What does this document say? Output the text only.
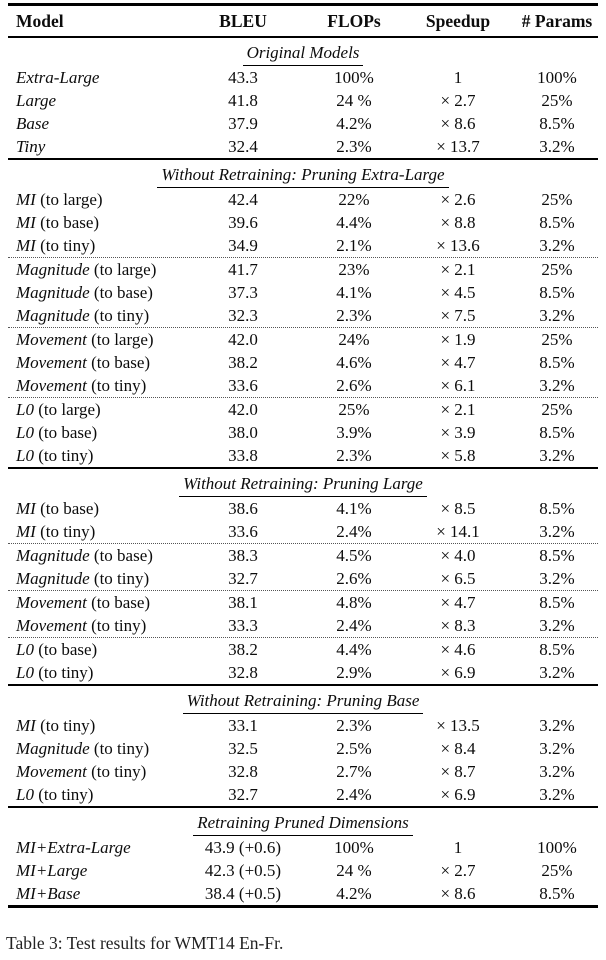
Model	BLEU	FLOPs	Speedup	# Params
Original Models
Extra-Large	43.3	100%	1	100%
Large	41.8	24 %	× 2.7	25%
Base	37.9	4.2%	× 8.6	8.5%
Tiny	32.4	2.3%	× 13.7	3.2%
Without Retraining: Pruning Extra-Large
MI (to large)	42.4	22%	× 2.6	25%
MI (to base)	39.6	4.4%	× 8.8	8.5%
MI (to tiny)	34.9	2.1%	× 13.6	3.2%
Magnitude (to large)	41.7	23%	× 2.1	25%
Magnitude (to base)	37.3	4.1%	× 4.5	8.5%
Magnitude (to tiny)	32.3	2.3%	× 7.5	3.2%
Movement (to large)	42.0	24%	× 1.9	25%
Movement (to base)	38.2	4.6%	× 4.7	8.5%
Movement (to tiny)	33.6	2.6%	× 6.1	3.2%
L0 (to large)	42.0	25%	× 2.1	25%
L0 (to base)	38.0	3.9%	× 3.9	8.5%
L0 (to tiny)	33.8	2.3%	× 5.8	3.2%
Without Retraining: Pruning Large
MI (to base)	38.6	4.1%	× 8.5	8.5%
MI (to tiny)	33.6	2.4%	× 14.1	3.2%
Magnitude (to base)	38.3	4.5%	× 4.0	8.5%
Magnitude (to tiny)	32.7	2.6%	× 6.5	3.2%
Movement (to base)	38.1	4.8%	× 4.7	8.5%
Movement (to tiny)	33.3	2.4%	× 8.3	3.2%
L0 (to base)	38.2	4.4%	× 4.6	8.5%
L0 (to tiny)	32.8	2.9%	× 6.9	3.2%
Without Retraining: Pruning Base
MI (to tiny)	33.1	2.3%	× 13.5	3.2%
Magnitude (to tiny)	32.5	2.5%	× 8.4	3.2%
Movement (to tiny)	32.8	2.7%	× 8.7	3.2%
L0 (to tiny)	32.7	2.4%	× 6.9	3.2%
Retraining Pruned Dimensions
MI+Extra-Large	43.9 (+0.6)	100%	1	100%
MI+Large	42.3 (+0.5)	24 %	× 2.7	25%
MI+Base	38.4 (+0.5)	4.2%	× 8.6	8.5%
Table 3: Test results for WMT14 En-Fr.
